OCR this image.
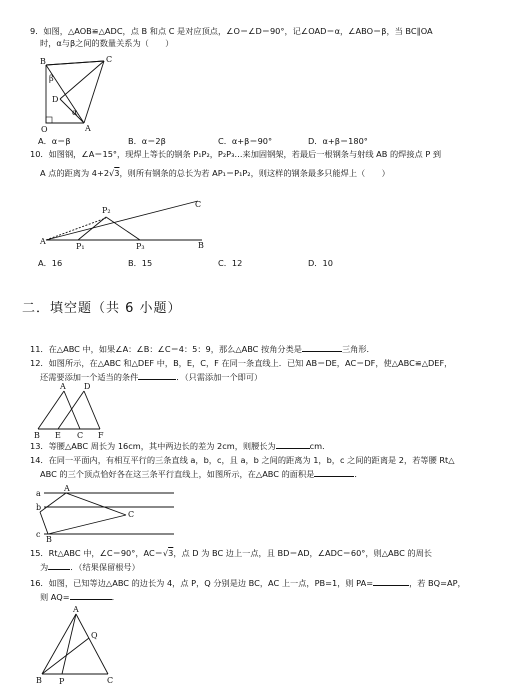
9．如图，△AOB≌△ADC，点 B 和点 C 是对应顶点，∠O＝∠D＝90°，记∠OAD＝α，∠ABO＝β，当 BC∥OA
时，α与β之间的数量关系为（　　）
B	C
D
O	A
β
α
A．α＝β	B．α＝2β	C．α+β＝90°	D．α+β＝180°
10．如图钢，∠A＝15°，现焊上等长的钢条 P₁P₂，P₂P₃…来加固钢架，若最后一根钢条与射线 AB 的焊接点 P 到
A 点的距离为 4+2√3，则所有钢条的总长为若 AP₁＝P₁P₂，则这样的钢条最多只能焊上（　　）
A	B
C
P₁
P₂
P₃
A．16	B．15	C．12	D．10
二．填空题（共 6 小题）
11．在△ABC 中，如果∠A：∠B：∠C＝4：5：9，那么△ABC 按角分类是	三角形．
12．如图所示，在△ABC 和△DEF 中，B，E，C，F 在同一条直线上．已知 AB＝DE，AC＝DF，使△ABC≌△DEF，
还需要添加一个适当的条件	．（只需添加一个即可）
A D
B E C F
13．等腰△ABC 周长为 16cm，其中两边长的差为 2cm，则腰长为	cm．
14．在同一平面内，有相互平行的三条直线 a，b，c，且 a，b 之间的距离为 1，b，c 之间的距离是 2，若等腰 Rt△
ABC 的三个顶点恰好各在这三条平行直线上，如图所示，在△ABC 的面积是	．
a
b
c
A
B
C
15．Rt△ABC 中，∠C＝90°，AC＝√3，点 D 为 BC 边上一点，且 BD＝AD，∠ADC＝60°，则△ABC 的周长
为	．（结果保留根号）
16．如图，已知等边△ABC 的边长为 4，点 P，Q 分别是边 BC，AC 上一点，PB=1，则 PA=	，若 BQ=AP，
则 AQ=	．
A
B	C
P
Q
